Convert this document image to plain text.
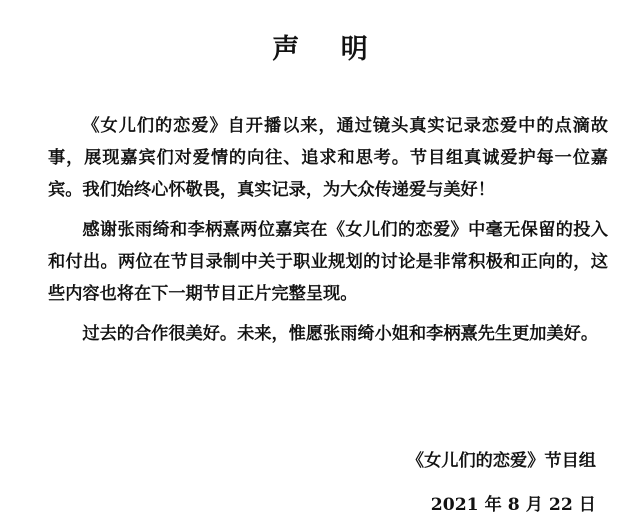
声 明

《女儿们的恋爱》自开播以来，通过镜头真实记录恋爱中的点滴故事，展现嘉宾们对爱情的向往、追求和思考。节目组真诚爱护每一位嘉宾。我们始终心怀敬畏，真实记录，为大众传递爱与美好！

感谢张雨绮和李柄熹两位嘉宾在《女儿们的恋爱》中毫无保留的投入和付出。两位在节目录制中关于职业规划的讨论是非常积极和正向的，这些内容也将在下一期节目正片完整呈现。

过去的合作很美好。未来，惟愿张雨绮小姐和李柄熹先生更加美好。

《女儿们的恋爱》节目组
2021 年 8 月 22 日
